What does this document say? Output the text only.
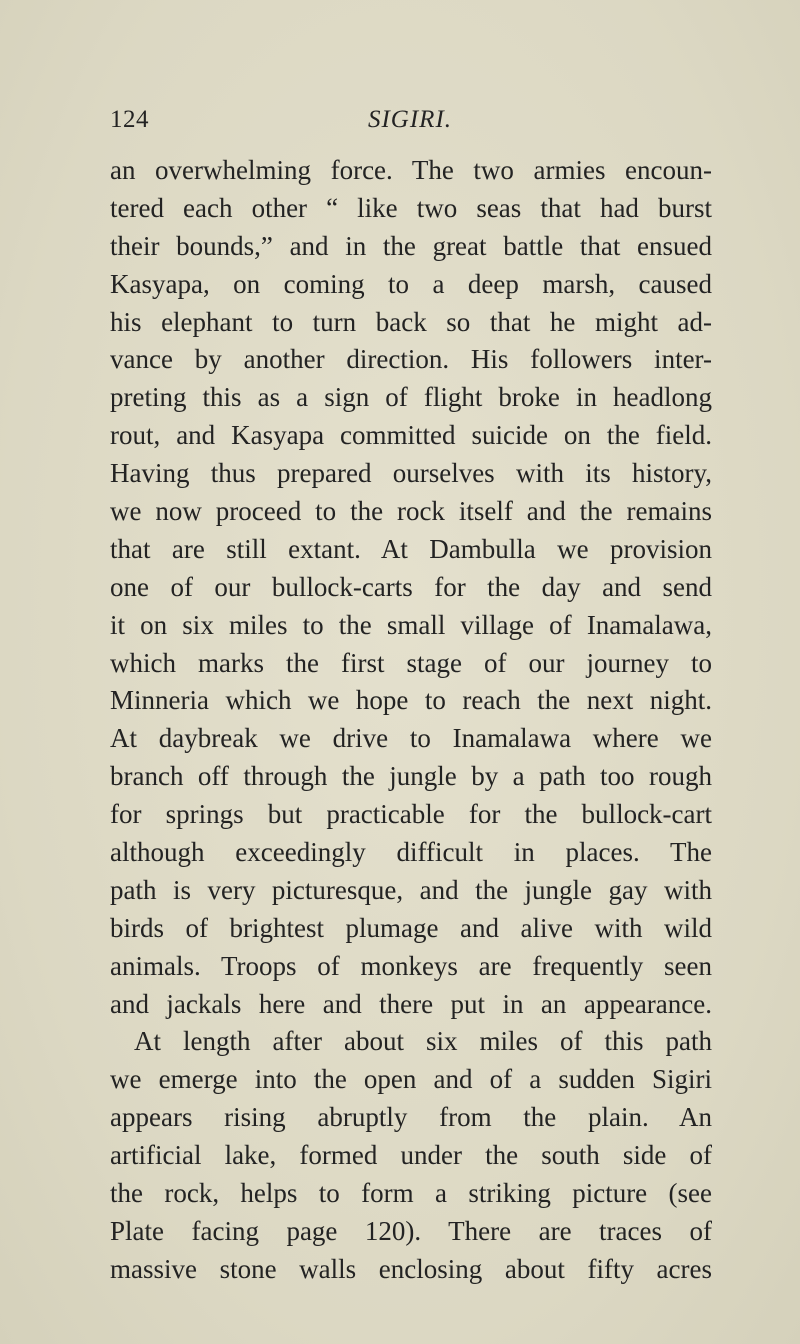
124	SIGIRI.
an overwhelming force. The two armies encoun-
tered each other “ like two seas that had burst
their bounds,” and in the great battle that ensued
Kasyapa, on coming to a deep marsh, caused
his elephant to turn back so that he might ad-
vance by another direction. His followers inter-
preting this as a sign of flight broke in headlong
rout, and Kasyapa committed suicide on the field.
Having thus prepared ourselves with its history,
we now proceed to the rock itself and the remains
that are still extant. At Dambulla we provision
one of our bullock-carts for the day and send
it on six miles to the small village of Inamalawa,
which marks the first stage of our journey to
Minneria which we hope to reach the next night.
At daybreak we drive to Inamalawa where we
branch off through the jungle by a path too rough
for springs but practicable for the bullock-cart
although exceedingly difficult in places. The
path is very picturesque, and the jungle gay with
birds of brightest plumage and alive with wild
animals. Troops of monkeys are frequently seen
and jackals here and there put in an appearance.
At length after about six miles of this path
we emerge into the open and of a sudden Sigiri
appears rising abruptly from the plain. An
artificial lake, formed under the south side of
the rock, helps to form a striking picture (see
Plate facing page 120). There are traces of
massive stone walls enclosing about fifty acres
